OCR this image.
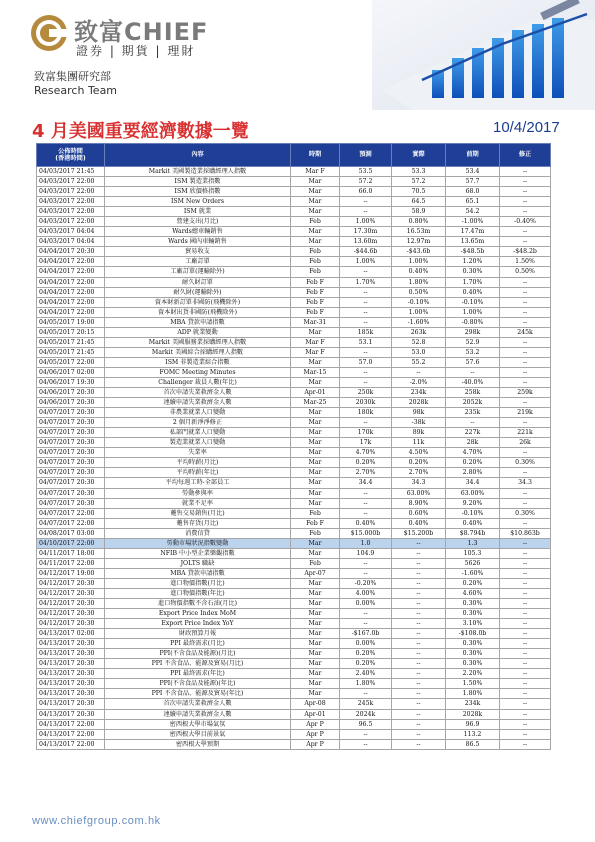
致富CHIEF
證券 | 期貨 | 理財
致富集團研究部
Research Team
4 月美國重要經濟數據一覽	10/4/2017
公佈時間
(香港時間)	內容	時期	預測	實際	前期	修正
04/03/2017 21:45	Markit 美國製造業採購經理人指數	Mar F	53.5	53.3	53.4	--
04/03/2017 22:00	ISM 製造業指數	Mar	57.2	57.2	57.7	--
04/03/2017 22:00	ISM 欣價格指數	Mar	66.0	70.5	68.0	--
04/03/2017 22:00	ISM New Orders	Mar	--	64.5	65.1	--
04/03/2017 22:00	ISM 就業	Mar	--	58.9	54.2	--
04/03/2017 22:00	營建支出(月比)	Feb	1.00%	0.80%	-1.00%	-0.40%
04/03/2017 04:04	Wards總車輛銷售	Mar	17.30m	16.53m	17.47m	--
04/03/2017 04:04	Wards 國內車輛銷售	Mar	13.60m	12.97m	13.65m	--
04/04/2017 20:30	貿易收支	Feb	-$44.6b	-$43.6b	-$48.5b	-$48.2b
04/04/2017 22:00	工廠訂單	Feb	1.00%	1.00%	1.20%	1.50%
04/04/2017 22:00	工廠訂單(運輸除外)	Feb	--	0.40%	0.30%	0.50%
04/04/2017 22:00	耐久財訂單	Feb F	1.70%	1.80%	1.70%	--
04/04/2017 22:00	耐久財(運輸除外)	Feb F	--	0.50%	0.40%	--
04/04/2017 22:00	資本財新訂單非國防(飛機除外)	Feb F	--	-0.10%	-0.10%	--
04/04/2017 22:00	資本財出貨非國防(飛機除外)	Feb F	--	1.00%	1.00%	--
04/05/2017 19:00	MBA 貸款申請指數	Mar-31	--	-1.60%	-0.80%	--
04/05/2017 20:15	ADP 就業變動	Mar	185k	263k	298k	245k
04/05/2017 21:45	Markit 美國服務業採購經理人指數	Mar F	53.1	52.8	52.9	--
04/05/2017 21:45	Markit 美國綜合採購經理人指數	Mar F	--	53.0	53.2	--
04/05/2017 22:00	ISM 非製造業綜合指數	Mar	57.0	55.2	57.6	--
04/06/2017 02:00	FOMC Meeting Minutes	Mar-15	--	--	--	--
04/06/2017 19:30	Challenger 裁員人數(年比)	Mar	--	-2.0%	-40.0%	--
04/06/2017 20:30	首次申請失業救濟金人數	Apr-01	250k	234k	258k	259k
04/06/2017 20:30	連續申請失業救濟金人數	Mar-25	2030k	2028k	2052k	--
04/07/2017 20:30	非農業就業人口變動	Mar	180k	98k	235k	219k
04/07/2017 20:30	2 個月新淨淨修正	Mar	--	-38k	--	--
04/07/2017 20:30	私部門就業人口變動	Mar	170k	89k	227k	221k
04/07/2017 20:30	製造業就業人口變動	Mar	17k	11k	28k	26k
04/07/2017 20:30	失業率	Mar	4.70%	4.50%	4.70%	--
04/07/2017 20:30	平均時薪(月比)	Mar	0.20%	0.20%	0.20%	0.30%
04/07/2017 20:30	平均時薪(年比)	Mar	2.70%	2.70%	2.80%	--
04/07/2017 20:30	平均每週工時-全部員工	Mar	34.4	34.3	34.4	34.3
04/07/2017 20:30	勞動參與率	Mar	--	63.00%	63.00%	--
04/07/2017 20:30	就業不足率	Mar	--	8.90%	9.20%	--
04/07/2017 22:00	躉售交易銷售(月比)	Feb	--	0.60%	-0.10%	0.30%
04/07/2017 22:00	躉售存貨(月比)	Feb F	0.40%	0.40%	0.40%	--
04/08/2017 03:00	消費信貸	Feb	$15.000b	$15.200b	$8.794b	$10.863b
04/10/2017 22:00	勞動市場狀況指數變動	Mar	1.0	--	1.3	--
04/11/2017 18:00	NFIB 中小型企業樂觀指數	Mar	104.9	--	105.3	--
04/11/2017 22:00	JOLTS 職缺	Feb	--	--	5626	--
04/12/2017 19:00	MBA 貸款申請指數	Apr-07	--	--	-1.60%	--
04/12/2017 20:30	進口物價指數(月比)	Mar	-0.20%	--	0.20%	--
04/12/2017 20:30	進口物價指數(年比)	Mar	4.00%	--	4.60%	--
04/12/2017 20:30	進口物價指數不含石油(月比)	Mar	0.00%	--	0.30%	--
04/12/2017 20:30	Export Price Index MoM	Mar	--	--	0.30%	--
04/12/2017 20:30	Export Price Index YoY	Mar	--	--	3.10%	--
04/13/2017 02:00	財政預算月報	Mar	-$167.0b	--	-$108.0b	--
04/13/2017 20:30	PPI 最終需求(月比)	Mar	0.00%	--	0.30%	--
04/13/2017 20:30	PPI(不含食品及能源)(月比)	Mar	0.20%	--	0.30%	--
04/13/2017 20:30	PPI 不含食品、能源及貿易(月比)	Mar	0.20%	--	0.30%	--
04/13/2017 20:30	PPI 最終需求(年比)	Mar	2.40%	--	2.20%	--
04/13/2017 20:30	PPI(不含食品及能源)(年比)	Mar	1.80%	--	1.50%	--
04/13/2017 20:30	PPI 不含食品、能源及貿易(年比)	Mar	--	--	1.80%	--
04/13/2017 20:30	首次申請失業救濟金人數	Apr-08	245k	--	234k	--
04/13/2017 20:30	連續申請失業救濟金人數	Apr-01	2024k	--	2028k	--
04/13/2017 22:00	密西根大學市場氣氛	Apr P	96.5	--	96.9	--
04/13/2017 22:00	密西根大學目前景氣	Apr P	--	--	113.2	--
04/13/2017 22:00	密西根大學預期	Apr P	--	--	86.5	--
www.chiefgroup.com.hk
